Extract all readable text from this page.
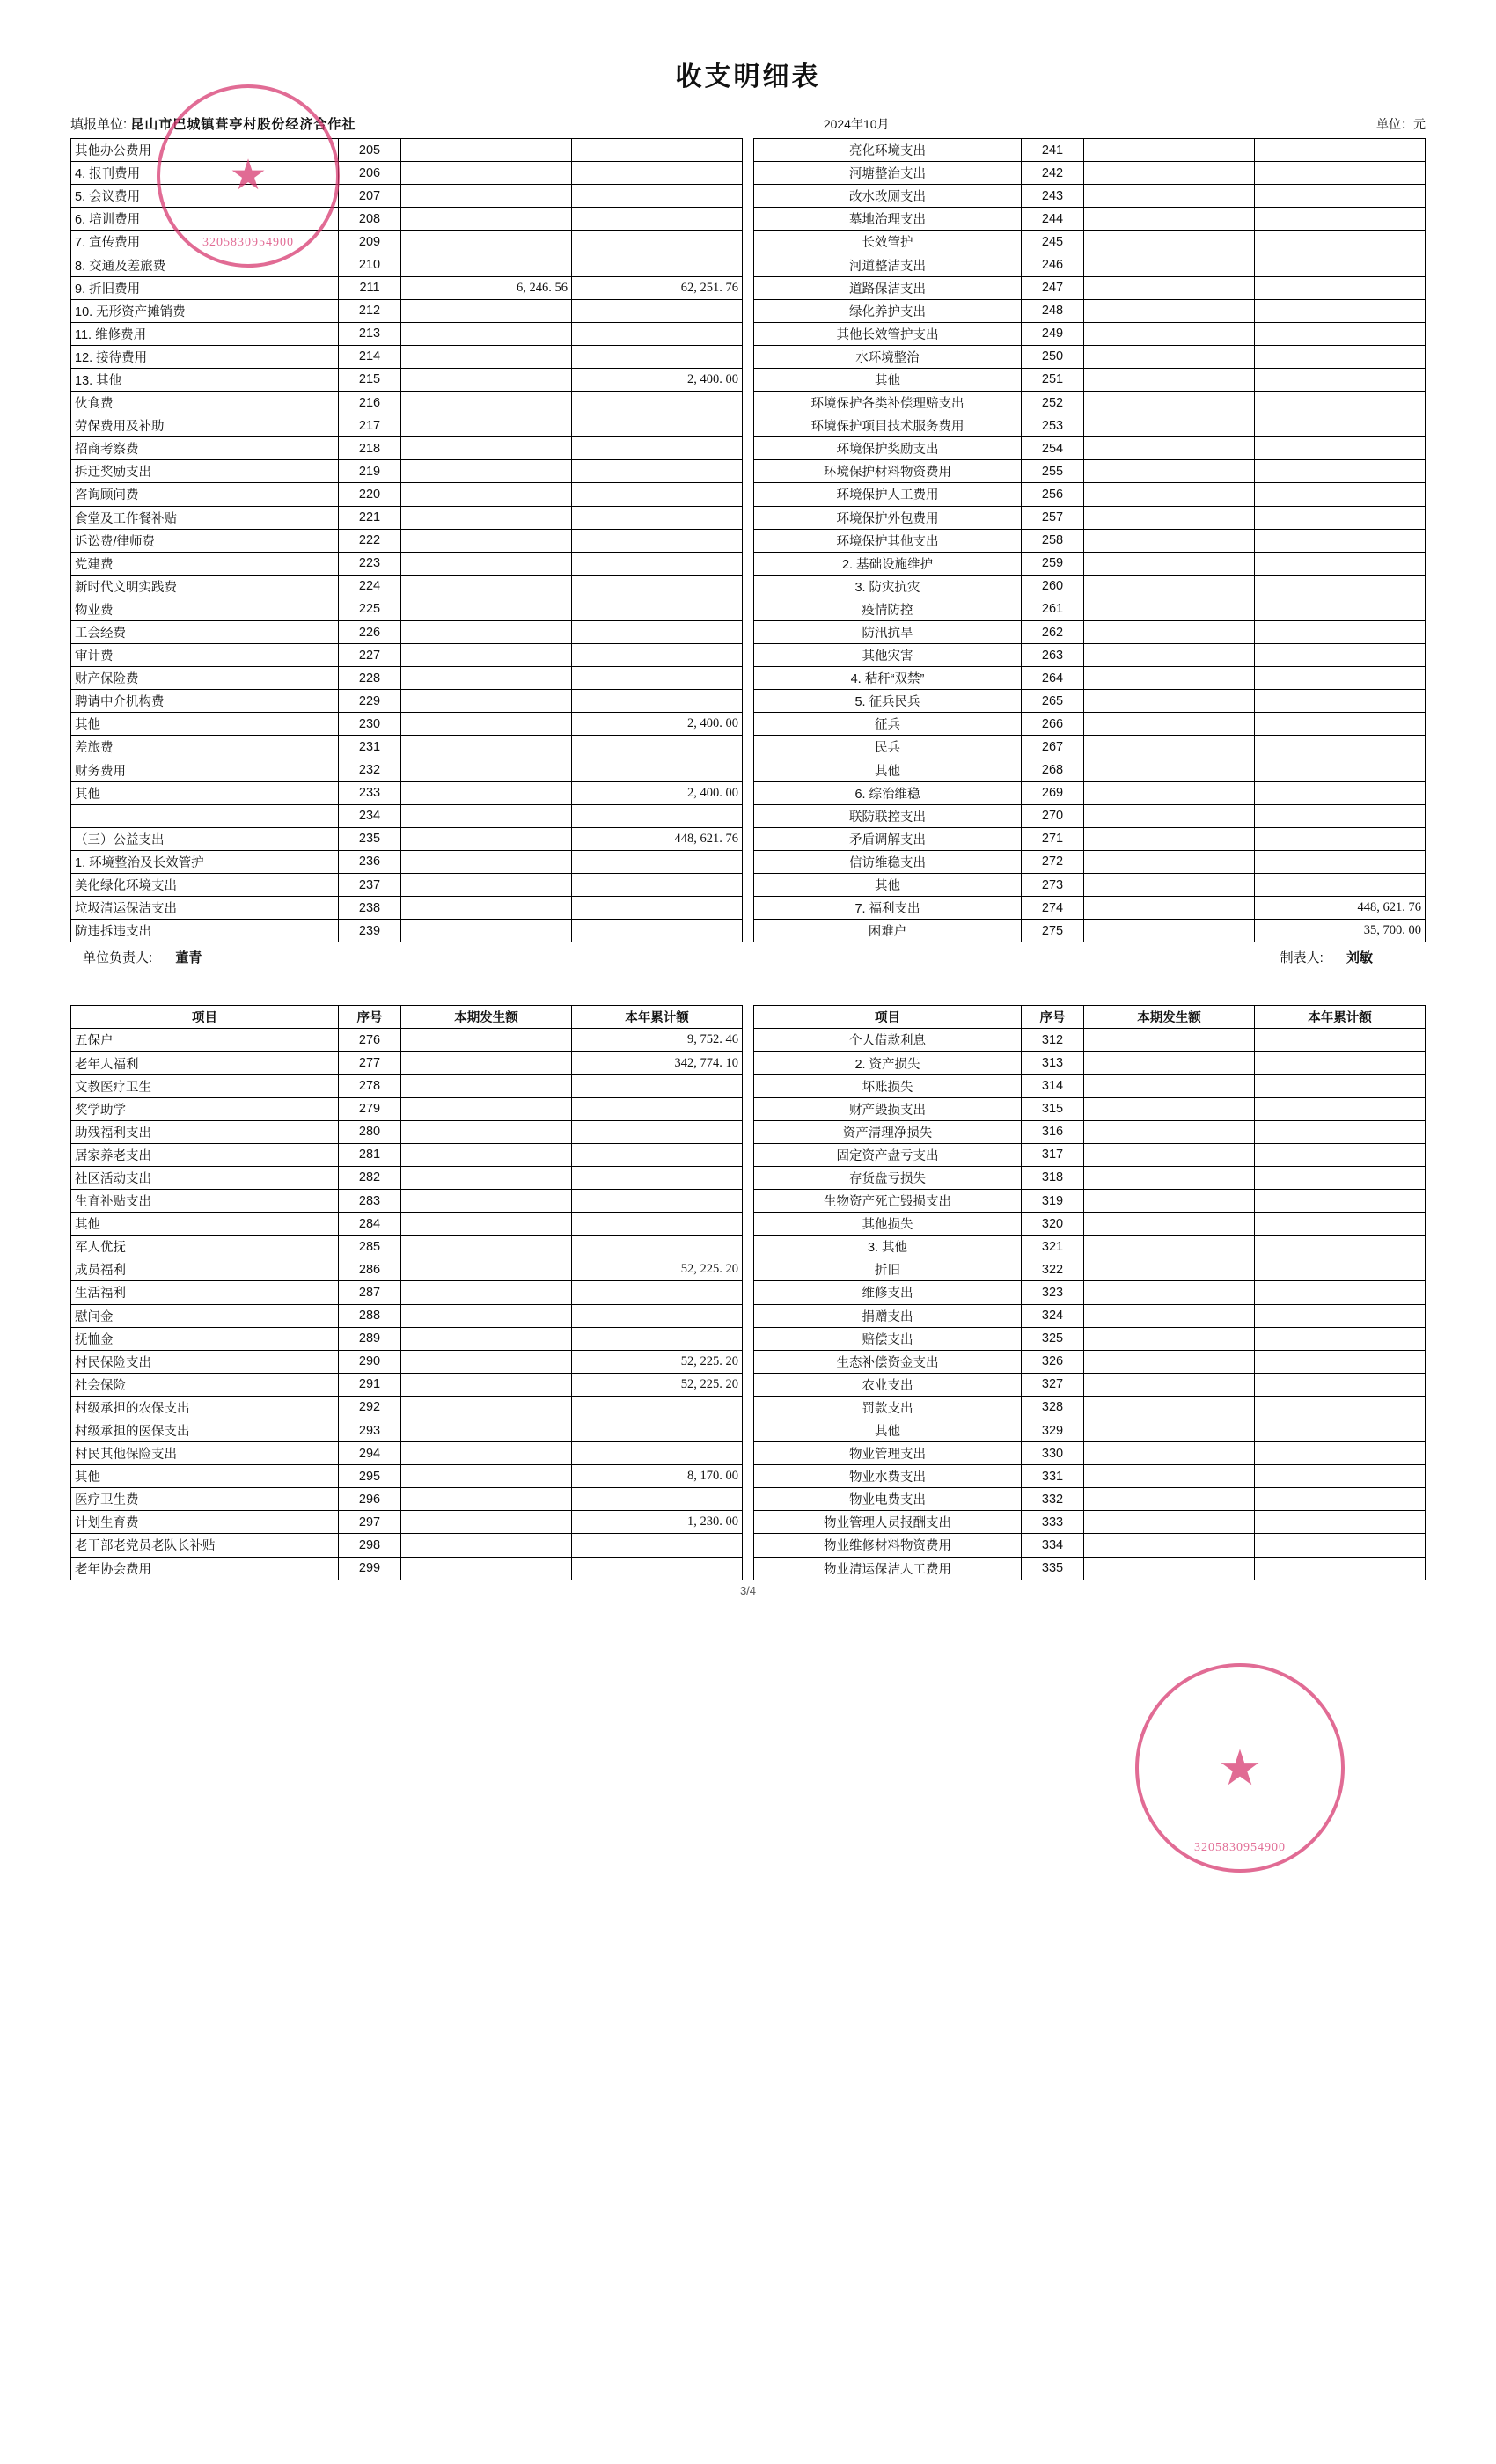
收支明细表
填报单位: 昆山市巴城镇葺亭村股份经济合作社	2024年10月	单位：元
其他办公费用	205				亮化环境支出	241		
4. 报刊费用	206				河塘整治支出	242		
5. 会议费用	207				改水改厕支出	243		
6. 培训费用	208				墓地治理支出	244		
7. 宣传费用	209				长效管护	245		
8. 交通及差旅费	210				河道整洁支出	246		
9. 折旧费用	211	6, 246. 56	62, 251. 76		道路保洁支出	247		
10. 无形资产摊销费	212				绿化养护支出	248		
11. 维修费用	213				其他长效管护支出	249		
12. 接待费用	214				水环境整治	250		
13. 其他	215		2, 400. 00		其他	251		
伙食费	216				环境保护各类补偿理赔支出	252		
劳保费用及补助	217				环境保护项目技术服务费用	253		
招商考察费	218				环境保护奖励支出	254		
拆迁奖励支出	219				环境保护材料物资费用	255		
咨询顾问费	220				环境保护人工费用	256		
食堂及工作餐补贴	221				环境保护外包费用	257		
诉讼费/律师费	222				环境保护其他支出	258		
党建费	223				2. 基础设施维护	259		
新时代文明实践费	224				3. 防灾抗灾	260		
物业费	225				疫情防控	261		
工会经费	226				防汛抗旱	262		
审计费	227				其他灾害	263		
财产保险费	228				4. 秸秆“双禁”	264		
聘请中介机构费	229				5. 征兵民兵	265		
其他	230		2, 400. 00		征兵	266		
差旅费	231				民兵	267		
财务费用	232				其他	268		
其他	233		2, 400. 00		6. 综治维稳	269		
	234				联防联控支出	270		
（三）公益支出	235		448, 621. 76		矛盾调解支出	271		
1. 环境整治及长效管护	236				信访维稳支出	272		
美化绿化环境支出	237				其他	273		
垃圾清运保洁支出	238				7. 福利支出	274		448, 621. 76
防违拆违支出	239				困难户	275		35, 700. 00
单位负责人: 董青	制表人: 刘敏
项目	序号	本期发生额	本年累计额		项目	序号	本期发生额	本年累计额
五保户	276		9, 752. 46		个人借款利息	312		
老年人福利	277		342, 774. 10		2. 资产损失	313		
文教医疗卫生	278				坏账损失	314		
奖学助学	279				财产毁损支出	315		
助残福利支出	280				资产清理净损失	316		
居家养老支出	281				固定资产盘亏支出	317		
社区活动支出	282				存货盘亏损失	318		
生育补贴支出	283				生物资产死亡毁损支出	319		
其他	284				其他损失	320		
军人优抚	285				3. 其他	321		
成员福利	286		52, 225. 20		折旧	322		
生活福利	287				维修支出	323		
慰问金	288				捐赠支出	324		
抚恤金	289				赔偿支出	325		
村民保险支出	290		52, 225. 20		生态补偿资金支出	326		
社会保险	291		52, 225. 20		农业支出	327		
村级承担的农保支出	292				罚款支出	328		
村级承担的医保支出	293				其他	329		
村民其他保险支出	294				物业管理支出	330		
其他	295		8, 170. 00		物业水费支出	331		
医疗卫生费	296				物业电费支出	332		
计划生育费	297		1, 230. 00		物业管理人员报酬支出	333		
老干部老党员老队长补贴	298				物业维修材料物资费用	334		
老年协会费用	299				物业清运保洁人工费用	335		
3/4
★
3205830954900
★
3205830954900
